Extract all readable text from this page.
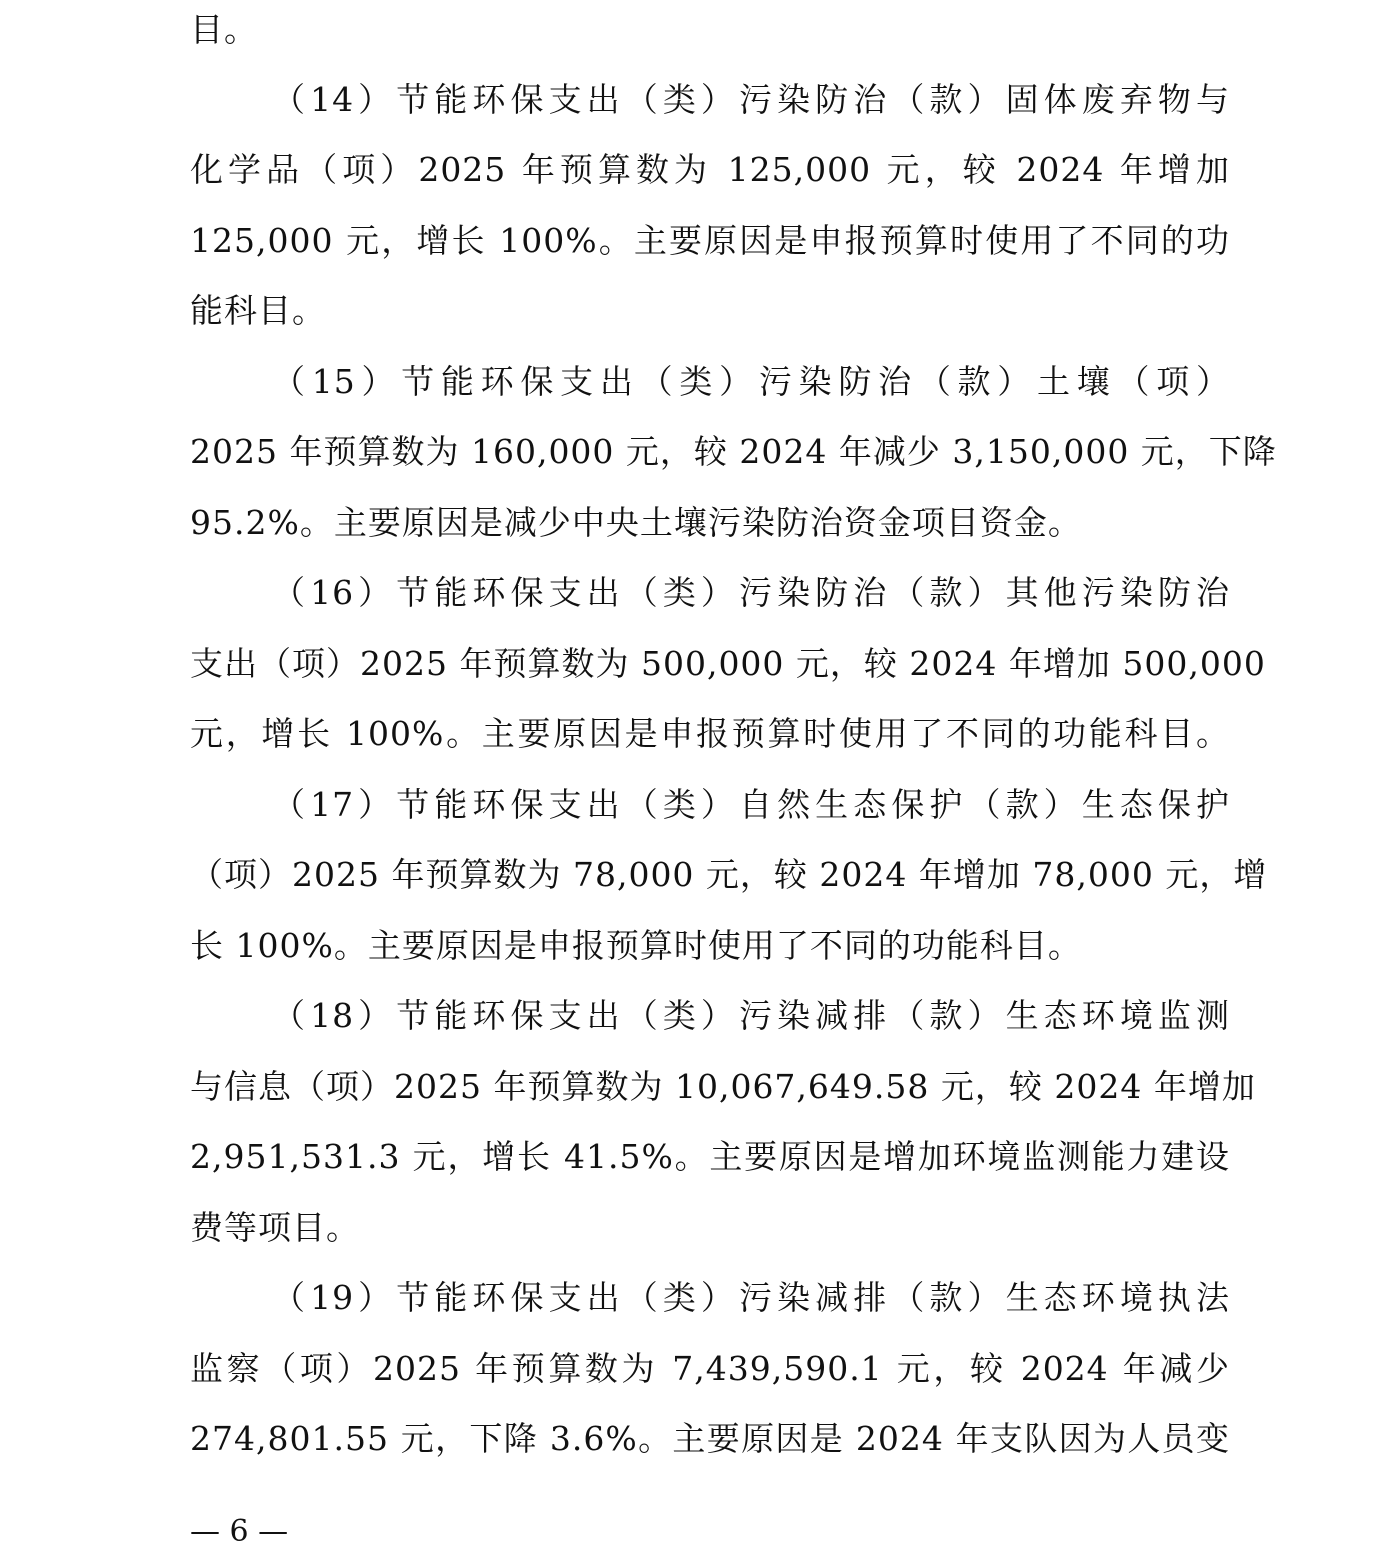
目。
（14）节能环保支出（类）污染防治（款）固体废弃物与
化学品（项）2025 年预算数为 125,000 元，较 2024 年增加
125,000 元，增长 100%。主要原因是申报预算时使用了不同的功
能科目。
（15）节能环保支出（类）污染防治（款）土壤（项）
2025 年预算数为 160,000 元，较 2024 年减少 3,150,000 元，下降
95.2%。主要原因是减少中央土壤污染防治资金项目资金。
（16）节能环保支出（类）污染防治（款）其他污染防治
支出（项）2025 年预算数为 500,000 元，较 2024 年增加 500,000
元，增长 100%。主要原因是申报预算时使用了不同的功能科目。
（17）节能环保支出（类）自然生态保护（款）生态保护
（项）2025 年预算数为 78,000 元，较 2024 年增加 78,000 元，增
长 100%。主要原因是申报预算时使用了不同的功能科目。
（18）节能环保支出（类）污染减排（款）生态环境监测
与信息（项）2025 年预算数为 10,067,649.58 元，较 2024 年增加
2,951,531.3 元，增长 41.5%。主要原因是增加环境监测能力建设
费等项目。
（19）节能环保支出（类）污染减排（款）生态环境执法
监察（项）2025 年预算数为 7,439,590.1 元，较 2024 年减少
274,801.55 元，下降 3.6%。主要原因是 2024 年支队因为人员变
— 6 —
